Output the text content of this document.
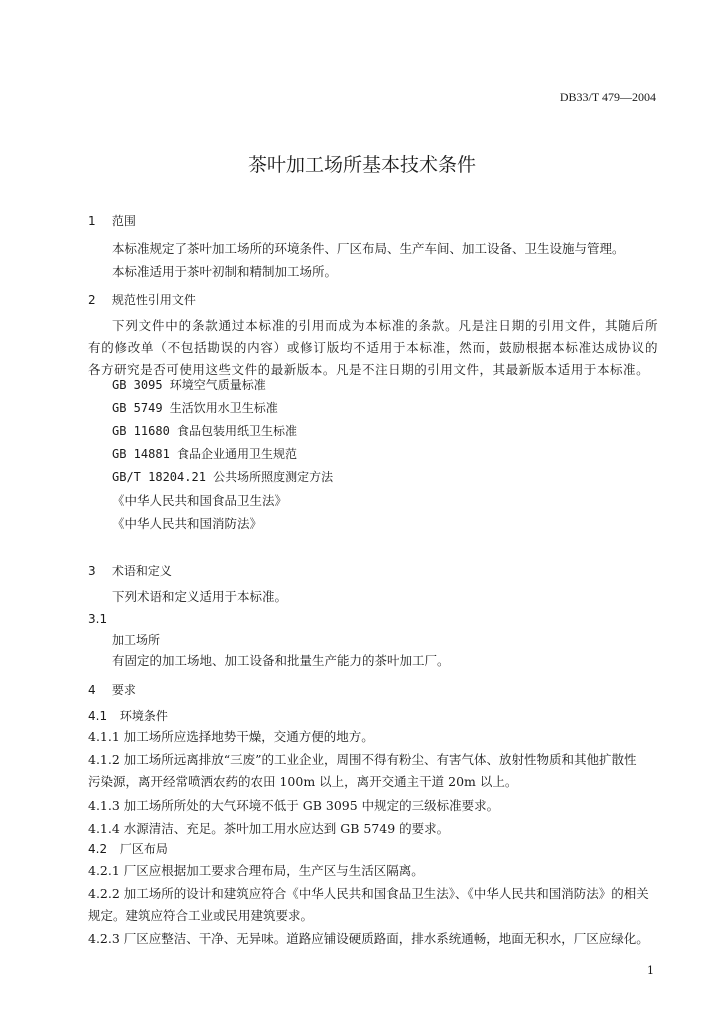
DB33/T 479—2004
茶叶加工场所基本技术条件
1 范围
本标准规定了茶叶加工场所的环境条件、厂区布局、生产车间、加工设备、卫生设施与管理。
本标准适用于茶叶初制和精制加工场所。
2 规范性引用文件
下列文件中的条款通过本标准的引用而成为本标准的条款。凡是注日期的引用文件，其随后所有的修改单（不包括勘误的内容）或修订版均不适用于本标准，然而，鼓励根据本标准达成协议的各方研究是否可使用这些文件的最新版本。凡是不注日期的引用文件，其最新版本适用于本标准。
GB 3095 环境空气质量标准
GB 5749 生活饮用水卫生标准
GB 11680 食品包装用纸卫生标准
GB 14881 食品企业通用卫生规范
GB/T 18204.21 公共场所照度测定方法
《中华人民共和国食品卫生法》
《中华人民共和国消防法》
3 术语和定义
下列术语和定义适用于本标准。
3.1
加工场所
有固定的加工场地、加工设备和批量生产能力的茶叶加工厂。
4 要求
4.1 环境条件
4.1.1 加工场所应选择地势干燥，交通方便的地方。
4.1.2 加工场所远离排放“三废”的工业企业，周围不得有粉尘、有害气体、放射性物质和其他扩散性
污染源，离开经常喷洒农药的农田 100m 以上，离开交通主干道 20m 以上。
4.1.3 加工场所所处的大气环境不低于 GB 3095 中规定的三级标准要求。
4.1.4 水源清洁、充足。茶叶加工用水应达到 GB 5749 的要求。
4.2 厂区布局
4.2.1 厂区应根据加工要求合理布局，生产区与生活区隔离。
4.2.2 加工场所的设计和建筑应符合《中华人民共和国食品卫生法》、《中华人民共和国消防法》的相关
规定。建筑应符合工业或民用建筑要求。
4.2.3 厂区应整洁、干净、无异味。道路应铺设硬质路面，排水系统通畅，地面无积水，厂区应绿化。
1
